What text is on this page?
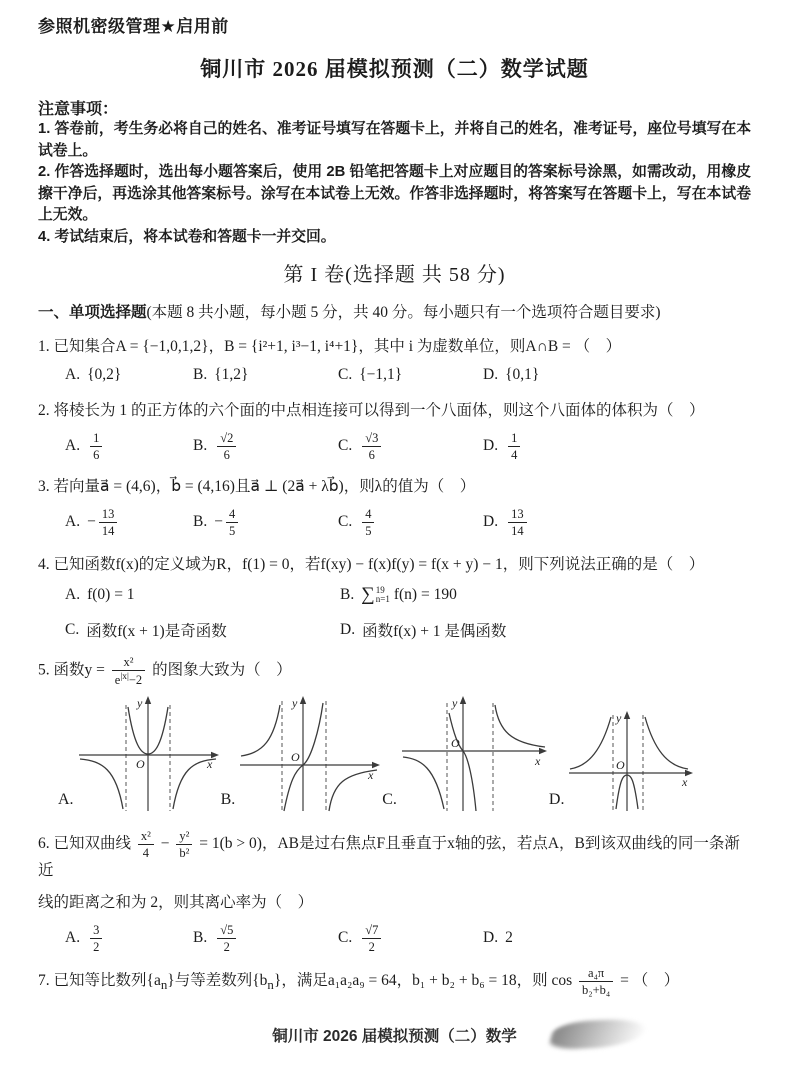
参照机密级管理★启用前
铜川市 2026 届模拟预测（二）数学试题
注意事项：

1. 答卷前，考生务必将自己的姓名、准考证号填写在答题卡上，并将自己的姓名，准考证号，座位号填写在本试卷上。

2. 作答选择题时，选出每小题答案后，使用 2B 铅笔把答题卡上对应题目的答案标号涂黑，如需改动，用橡皮擦干净后，再选涂其他答案标号。涂写在本试卷上无效。作答非选择题时，将答案写在答题卡上，写在本试卷上无效。

4. 考试结束后，将本试卷和答题卡一并交回。

第 I 卷(选择题 共 58 分)
一、单项选择题(本题 8 共小题，每小题 5 分，共 40 分。每小题只有一个选项符合题目要求)
1. 已知集合A = {−1,0,1,2}，B = {i²+1, i³−1, i⁴+1}，其中 i 为虚数单位，则A∩B = （　）
A. {0,2}	B. {1,2}	C. {−1,1}	D. {0,1}
2. 将棱长为 1 的正方体的六个面的中点相连接可以得到一个八面体，则这个八面体的体积为（　）
A. $\frac{1}{6}$	B. $\frac{√2}{6}$	C. $\frac{√3}{6}$	D. $\frac{1}{4}$
3. 若向量a⃗ = (4,6)，b⃗ = (4,16)且a⃗ ⊥ (2a⃗ + λb⃗)，则λ的值为（　）
A. − $\frac{13}{14}$	B. − $\frac{4}{5}$	C. $\frac{4}{5}$	D. $\frac{13}{14}$
4. 已知函数f(x)的定义域为R，f(1) = 0，若f(xy) − f(x)f(y) = f(x + y) − 1，则下列说法正确的是（　）
A. f(0) = 1	B. ∑ 19
n=1 f(n) = 190
C. 函数f(x + 1)是奇函数	D. 函数f(x) + 1 是偶函数
5. 函数$y = \frac{\text{x²}}{e^{|x|}-2}$ 的图象大致为（　）
A.
y
x
O
B.
y
x
O
C.
y
x
O
D.
y
x
O
6. 已知双曲线 $\frac{\text{x²}}{4} - \frac{\text{y²}}{\text{b²}} = 1(b > 0)$，AB是过右焦点F且垂直于x轴的弦，若点A，B到该双曲线的同一条渐近
线的距离之和为 2，则其离心率为（　）
A. $\frac{3}{2}$	B. $\frac{√5}{2}$	C. $\frac{√7}{2}$	D. 2
7. 已知等比数列$\{a_n\}$与等差数列$\{b_n\}$，满足a₁a₂a₉ = 64，b₁ + b₂ + b₆ = 18，则 $\cos \frac{\text{a₄π}}{\text{b₂+b₄}}$ = （　）
铜川市 2026 届模拟预测（二）数学
